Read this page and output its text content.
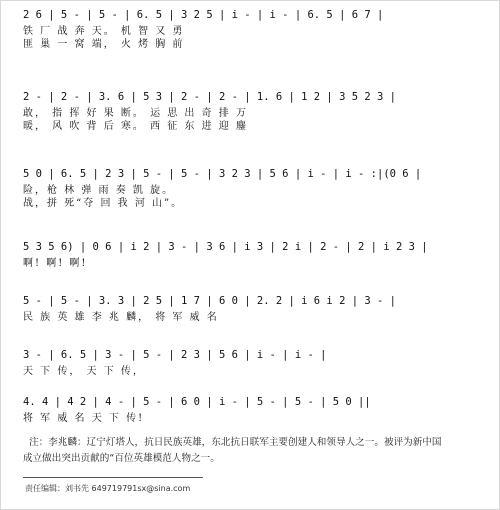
2 6 | 5 - | 5 - | 6. 5 | 3 2 5 | i - | i - | 6. 5 | 6 7 |
铁 厂 战 奔 天。 机 智 又 勇
匪 巢 一 窝 端， 火 烤 胸 前
2 - | 2 - | 3. 6 | 5 3 | 2 - | 2 - | 1. 6 | 1 2 | 3 5 2 3 |
敢， 指 挥 好 果 断。 运 思 出 奇 排 万
暖， 风 吹 背 后 寒。 西 征 东 进 迎 鏖
5 0 | 6. 5 | 2 3 | 5 - | 5 - | 3 2 3 | 5 6 | i - | i - :|(0 6 |
险，枪 林 弹 雨 奏 凯 旋。
战，拼 死“夺 回 我 河 山”。
5 3 5 6) | 0 6 | i 2 | 3 - | 3 6 | i 3 | 2 i | 2 - | 2 | i 2 3 |
啊! 啊! 啊!
5 - | 5 - | 3. 3 | 2 5 | 1 7 | 6 0 | 2. 2 | i 6 i 2 | 3 - |
民 族 英 雄 李 兆 麟， 将 军 威 名
3 - | 6. 5 | 3 - | 5 - | 2 3 | 5 6 | i - | i - |
天 下 传， 天 下 传，
4. 4 | 4 2 | 4 - | 5 - | 6 0 | i - | 5 - | 5 - | 5 0 ||
将 军 威 名 天 下 传!
注：李兆麟：辽宁灯塔人，抗日民族英雄，东北抗日联军主要创建人和领导人之一。被评为新中国
成立做出突出贡献的“百位英雄模范人物之一。
责任编辑：刘书先 649719791sx@sina.com
